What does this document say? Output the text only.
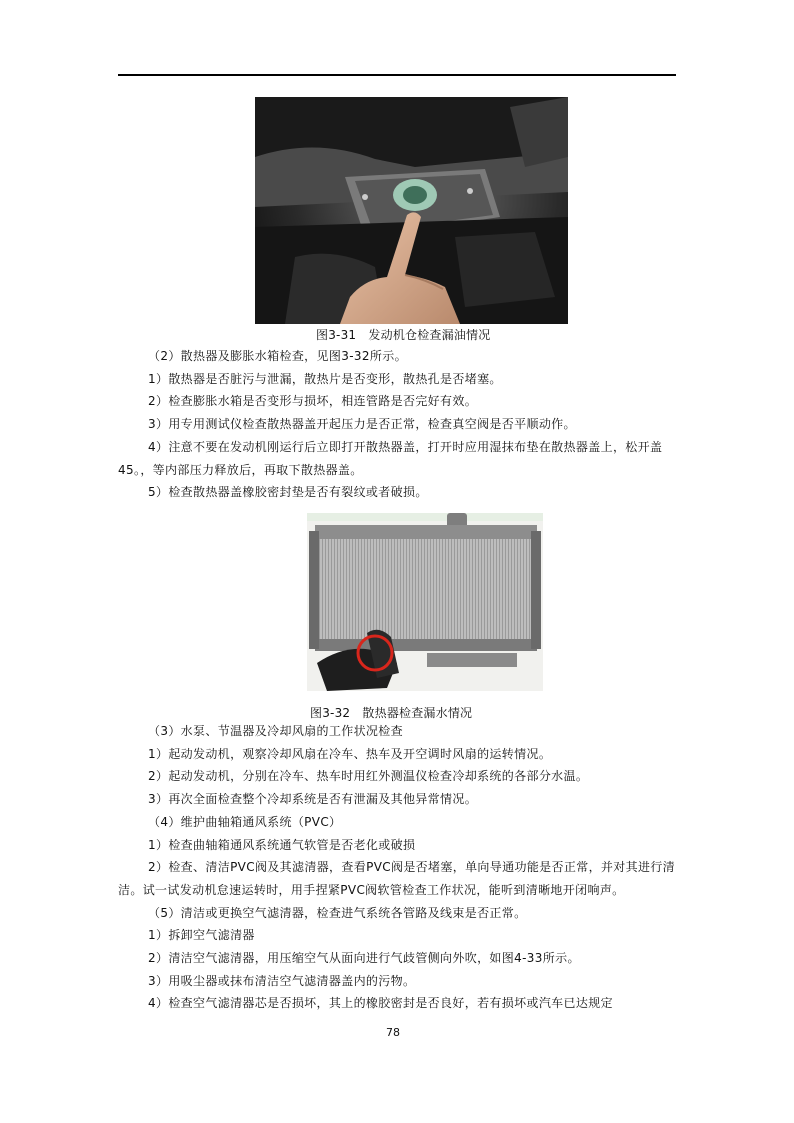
图3-31　发动机仓检查漏油情况

（2）散热器及膨胀水箱检查，见图3-32所示。

1）散热器是否脏污与泄漏，散热片是否变形，散热孔是否堵塞。

2）检查膨胀水箱是否变形与损坏，相连管路是否完好有效。

3）用专用测试仪检查散热器盖开起压力是否正常，检查真空阀是否平顺动作。

4）注意不要在发动机刚运行后立即打开散热器盖，打开时应用湿抹布垫在散热器盖上，松开盖45。，等内部压力释放后，再取下散热器盖。

5）检查散热器盖橡胶密封垫是否有裂纹或者破损。

图3-32　散热器检查漏水情况

（3）水泵、节温器及冷却风扇的工作状况检查

1）起动发动机，观察冷却风扇在冷车、热车及开空调时风扇的运转情况。

2）起动发动机，分别在冷车、热车时用红外测温仪检查冷却系统的各部分水温。

3）再次全面检查整个冷却系统是否有泄漏及其他异常情况。

（4）维护曲轴箱通风系统（PVC）

1）检查曲轴箱通风系统通气软管是否老化或破损

2）检查、清洁PVC阀及其滤清器，查看PVC阀是否堵塞，单向导通功能是否正常，并对其进行清洁。试一试发动机怠速运转时，用手捏紧PVC阀软管检查工作状况，能听到清晰地开闭响声。

（5）清洁或更换空气滤清器，检查进气系统各管路及线束是否正常。

1）拆卸空气滤清器

2）清洁空气滤清器，用压缩空气从面向进行气歧管侧向外吹，如图4-33所示。

3）用吸尘器或抹布清洁空气滤清器盖内的污物。

4）检查空气滤清器芯是否损坏，其上的橡胶密封是否良好，若有损坏或汽车已达规定

78
